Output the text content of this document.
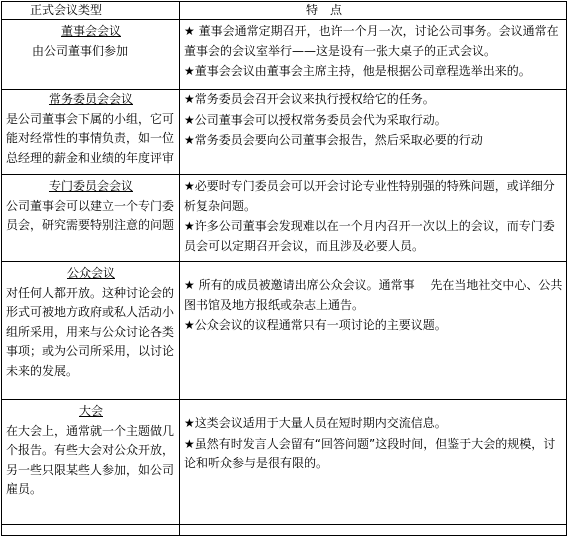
正式会议类型	特　点

董事会会议
由公司董事们参加	★ 董事会通常定期召开，也许一个月一次，讨论公司事务。会议通常在董事会的会议室举行——这是设有一张大桌子的正式会议。
★董事会会议由董事会主席主持，他是根据公司章程选举出来的。

常务委员会会议
是公司董事会下属的小组，它可能对经常性的事情负责，如一位总经理的薪金和业绩的年度评审	★常务委员会召开会议来执行授权给它的任务。
★公司董事会可以授权常务委员会代为采取行动。
★常务委员会要向公司董事会报告，然后采取必要的行动

专门委员会会议
公司董事会可以建立一个专门委员会，研究需要特别注意的问题	★必要时专门委员会可以开会讨论专业性特别强的特殊问题，或详细分析复杂问题。
★许多公司董事会发现难以在一个月内召开一次以上的会议，而专门委员会可以定期召开会议，而且涉及必要人员。

公众会议
对任何人都开放。这种讨论会的形式可被地方政府或私人活动小组所采用，用来与公众讨论各类事项；或为公司所采用，以讨论未来的发展。	★ 所有的成员被邀请出席公众会议。通常事　 先在当地社交中心、公共图书馆及地方报纸或杂志上通告。
★公众会议的议程通常只有一项讨论的主要议题。

大会
在大会上，通常就一个主题做几个报告。有些大会对公众开放，另一些只限某些人参加，如公司雇员。	★这类会议适用于大量人员在短时期内交流信息。
★虽然有时发言人会留有“回答问题”这段时间，但鉴于大会的规模，讨论和听众参与是很有限的。
